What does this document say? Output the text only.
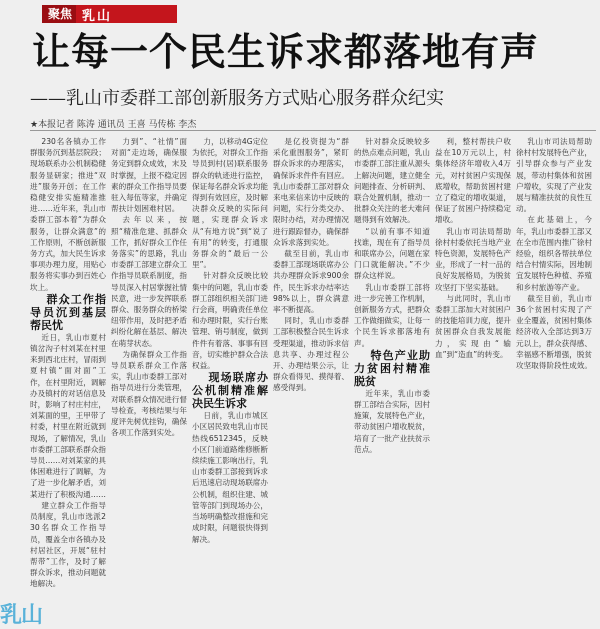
聚焦 乳山
让每一个民生诉求都落地有声
——乳山市委群工部创新服务方式贴心服务群众纪实
★本报记者 陈涛 通讯员 王喜 马传栋 李杰

230名各镇办工作群服务沉到基层院段；现场联系办公机制稳健服务显研家；推进“双进”服务开创；在工作稳健安排实施精准推进……近年来，乳山市委群工部本着“为群众服务，让群众满意”的工作原则，不断创新服务方式，加大民生诉求事项办理力度，用贴心服务将实事办到百姓心坎上。

群众工作指导员沉到基层帮民忧

近日，乳山市夏村镇岔沟子村刘某在村里来到西北庄村，冒雨到夏村镇“面对面”工作，在村里附近，调解办及镇村的对话信息及时，影响了村庄村庄，刘某面的里，王甲带了村委，村里在附近就到现场，了解情况，乳山市委群工部联系群众指导员……对刘某家的具体困难进行了调解，为了进一步化解矛盾，刘某进行了积极沟通……

建立群众工作指导员制度，乳山市选派230名群众工作指导员，覆盖全市各镇办及村居社区，开展“驻村帮带”工作，及时了解群众诉求，推动问题就地解决。

力到”、“社情”面对面“走边场，确保服务定到群众成效，末及时掌握，上报不稳定因素的群众工作指导员要驻入每伍等家，并确定帮扶计划困难村居。

去年以来，按照“精准危建、抓群众工作，抓好群众工作任务落实”的思路，乳山市委群工部建立群众工作指导员联系制度，指导员深入村居掌握社情民意，进一步发挥联系群众、服务群众的桥梁纽带作用，及时把矛盾纠纷化解在基层、解决在萌芽状态。

为确保群众工作指导员联系群众工作落实，乳山市委群工部对指导员进行分类管理，对联系群众情况进行督导检查，考核结果与年度评先树优挂钩，确保各项工作落到实处。

力，以移动4G定位为依托，对群众工作指导员到村(居)联系服务群众的轨迹进行监控，保证每名群众诉求均能得到有效回应，及时解决群众反映的实际问题，实现群众诉求从“有地方说”到“说了有用”的转变，打通服务群众的“最后一公里”。

针对群众反映比较集中的问题，乳山市委群工部组织相关部门进行会商，明确责任单位和办理时限，实行台账管理、销号制度，做到件件有着落、事事有回音，切实维护群众合法权益。

现场联席办公机制精准解决民生诉求

日前，乳山市城区小区居民致电乳山市民热线6512345，反映小区门前道路维修断断续续施工影响出行，乳山市委群工部接到诉求后迅速启动现场联席办公机制，组织住建、城管等部门到现场办公，当场明确整改措施和完成时限，问题很快得到解决。

是亿投资提为“群采化重围服务”，紧盯群众诉求的办理落实，确保诉求件件有回应。乳山市委群工部对群众来电来信来访中反映的问题，实行分类交办、限时办结，对办理情况进行跟踪督办，确保群众诉求落到实处。

截至目前，乳山市委群工部现场联席办公共办理群众诉求900余件，民生诉求办结率达98%以上，群众满意率不断提高。

同时，乳山市委群工部积极整合民生诉求受理渠道，推动诉求信息共享、办理过程公开、办理结果公示，让群众看得见、摸得着、感受得到。

针对群众反映较多的热点难点问题，乳山市委群工部注重从源头上解决问题，建立健全问题排查、分析研判、联合处置机制，推动一批群众关注的老大难问题得到有效解决。

“以前有事不知道找谁，现在有了指导员和联席办公，问题在家门口就能解决。”不少群众这样说。

乳山市委群工部将进一步完善工作机制，创新服务方式，把群众工作做细做实，让每一个民生诉求都落地有声。

特色产业助力贫困村精准脱贫

近年来，乳山市委群工部结合实际，因村施策，发展特色产业，带动贫困户增收脱贫，培育了一批产业扶贫示范点。

利，整村帮扶户收益在10万元以上，村集体经济年增收入4万元，对村贫困户实现保底增收，帮助贫困村建立了稳定的增收渠道，保证了贫困户持续稳定增收。

乳山市司法局帮助徐村村委依托当地产业特色资源，发展特色产业，形成了一村一品的良好发展格局，为脱贫攻坚打下坚实基础。

与此同时，乳山市委群工部加大对贫困户的技能培训力度，提升贫困群众自我发展能力，实现由“输血”到“造血”的转变。

乳山市司法局帮助徐村村发展特色产业，引导群众参与产业发展，带动村集体和贫困户增收，实现了产业发展与精准扶贫的良性互动。

在此基础上，今年，乳山市委群工部又在全市范围内推广徐村经验，组织各帮扶单位结合村情实际，因地制宜发展特色种植、养殖和乡村旅游等产业。

截至目前，乳山市36个贫困村实现了产业全覆盖，贫困村集体经济收入全部达到3万元以上，群众获得感、幸福感不断增强，脱贫攻坚取得阶段性成效。

乳山
